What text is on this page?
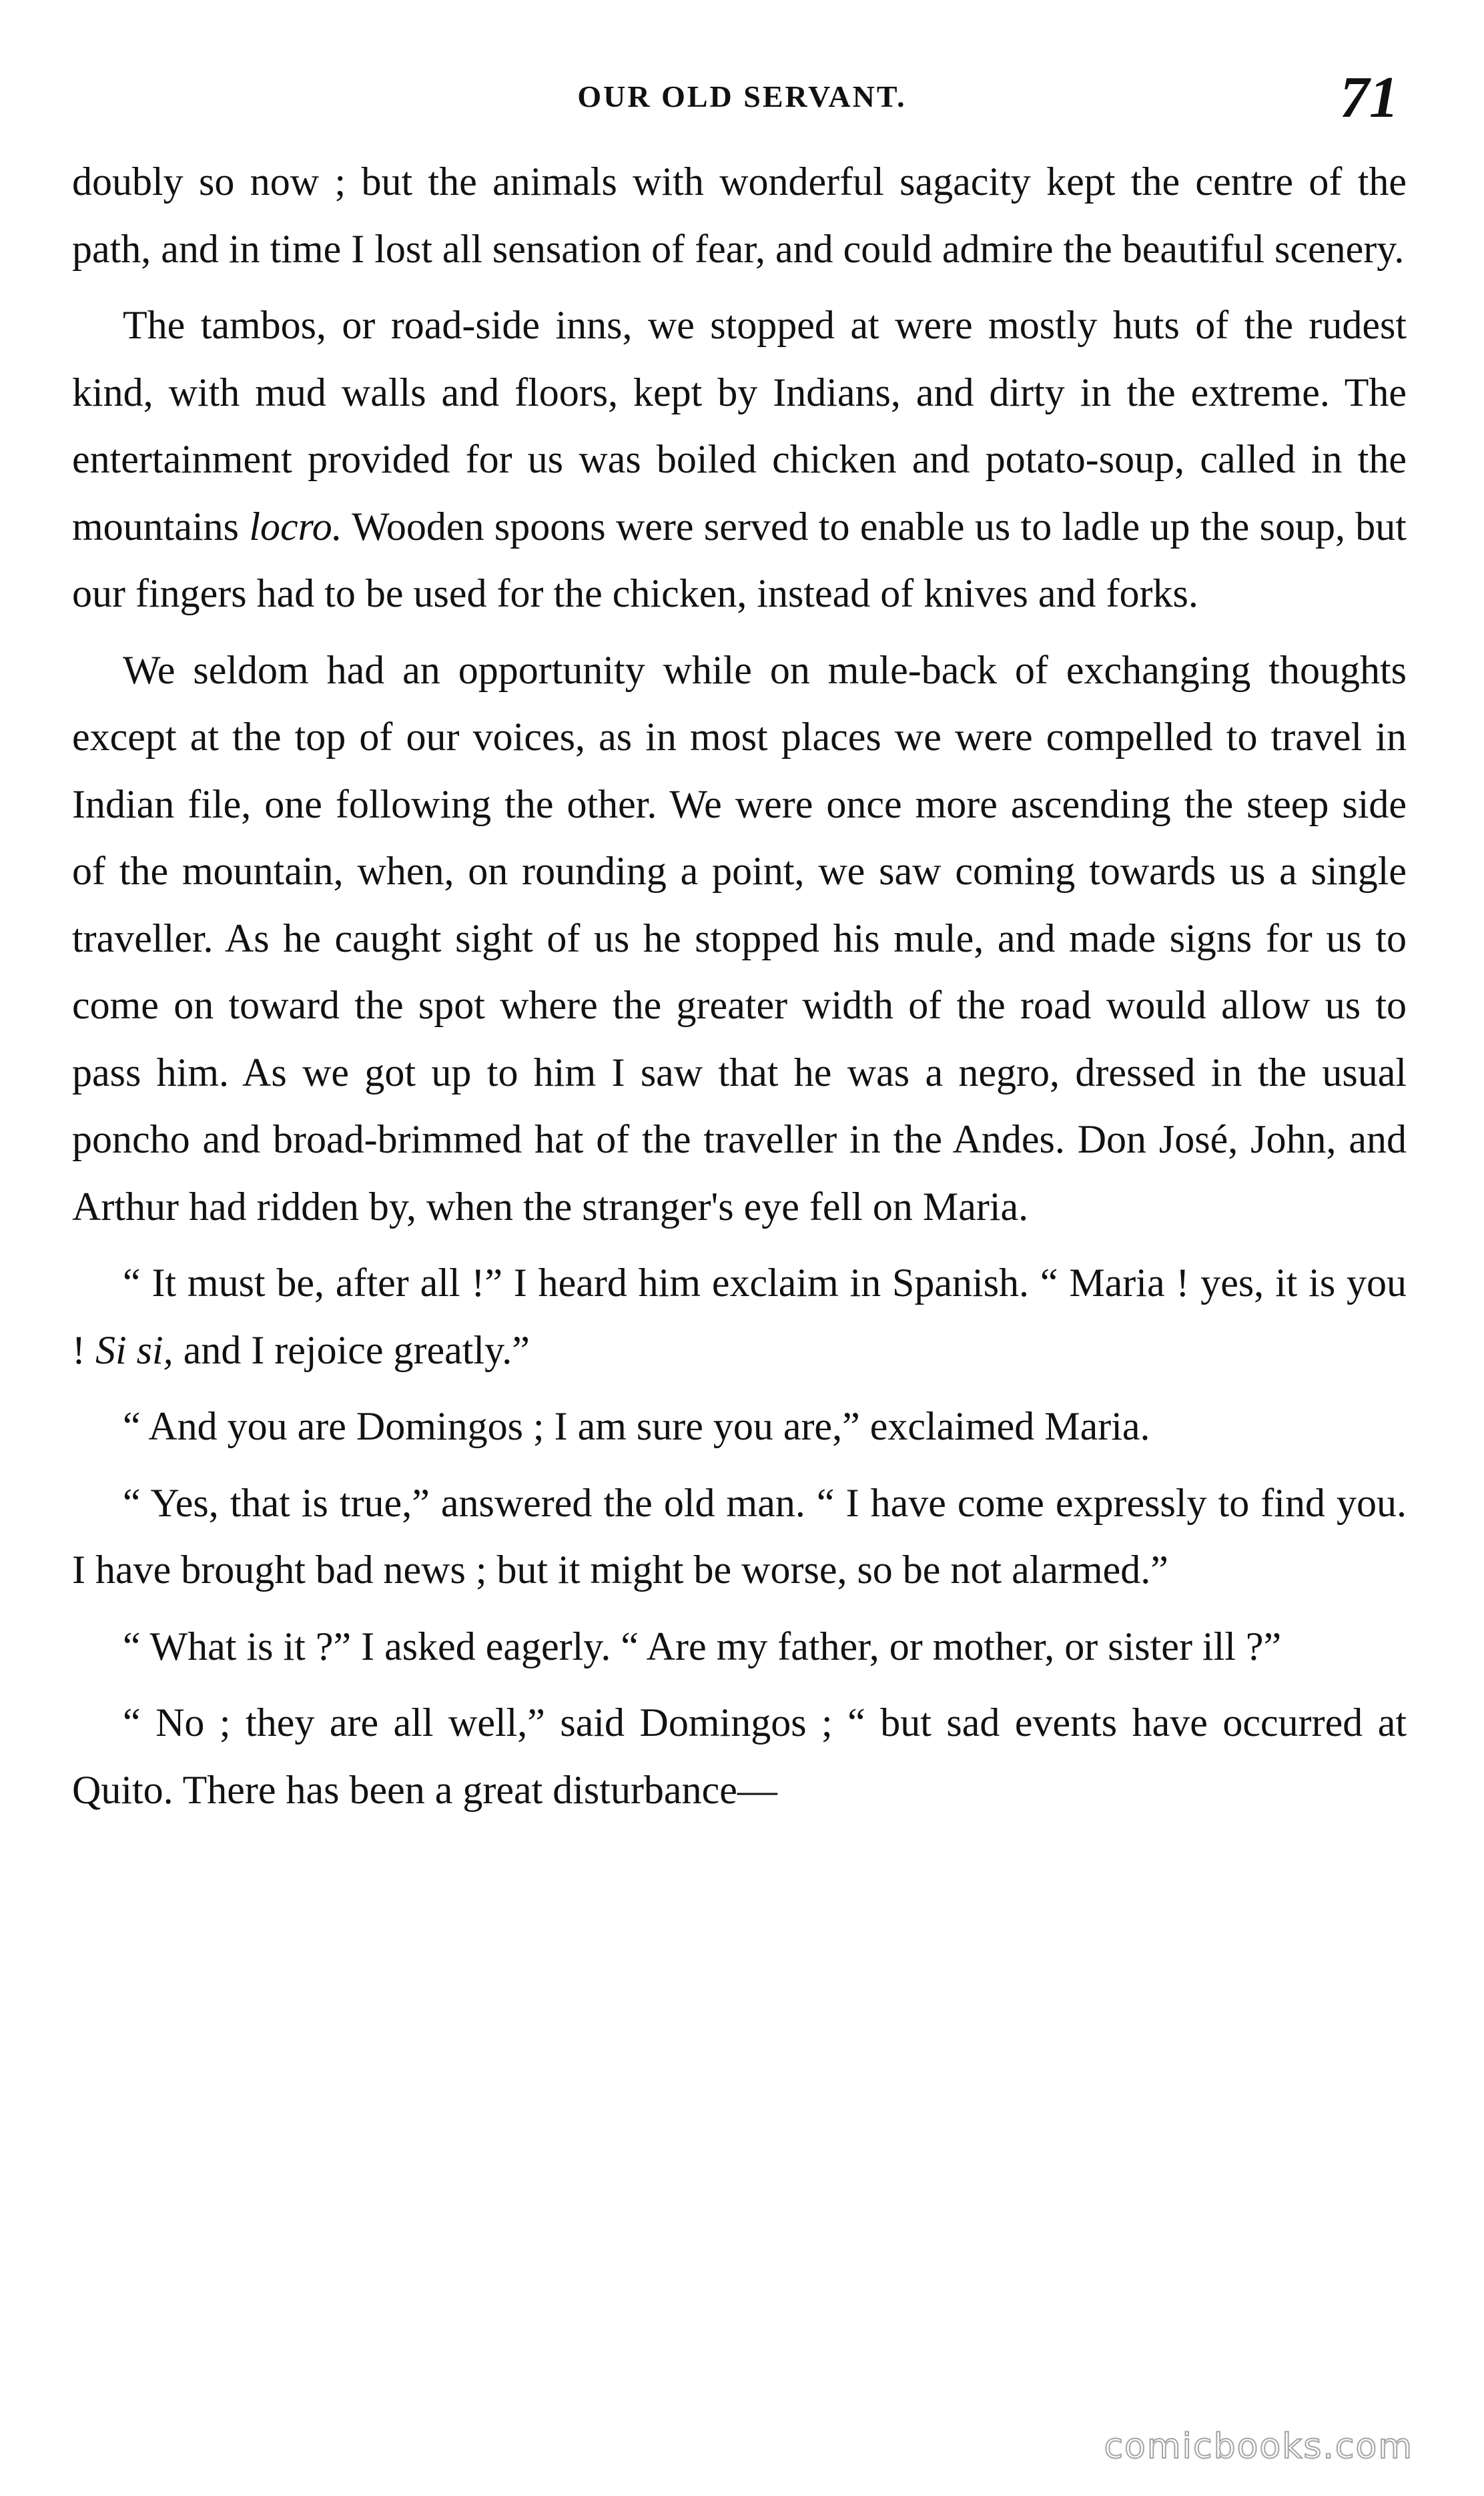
OUR OLD SERVANT.	71

doubly so now ; but the animals with wonderful sagacity kept the centre of the path, and in time I lost all sensation of fear, and could admire the beautiful scenery.

The tambos, or road-side inns, we stopped at were mostly huts of the rudest kind, with mud walls and floors, kept by Indians, and dirty in the extreme. The entertainment provided for us was boiled chicken and potato-soup, called in the mountains locro. Wooden spoons were served to enable us to ladle up the soup, but our fingers had to be used for the chicken, instead of knives and forks.

We seldom had an opportunity while on mule-back of exchanging thoughts except at the top of our voices, as in most places we were compelled to travel in Indian file, one following the other. We were once more ascending the steep side of the mountain, when, on rounding a point, we saw coming towards us a single traveller. As he caught sight of us he stopped his mule, and made signs for us to come on toward the spot where the greater width of the road would allow us to pass him. As we got up to him I saw that he was a negro, dressed in the usual poncho and broad-brimmed hat of the traveller in the Andes. Don José, John, and Arthur had ridden by, when the stranger's eye fell on Maria.

“ It must be, after all !” I heard him exclaim in Spanish. “ Maria ! yes, it is you ! Si si, and I rejoice greatly.”

“ And you are Domingos ; I am sure you are,” exclaimed Maria.

“ Yes, that is true,” answered the old man. “ I have come expressly to find you. I have brought bad news ; but it might be worse, so be not alarmed.”

“ What is it ?” I asked eagerly. “ Are my father, or mother, or sister ill ?”

“ No ; they are all well,” said Domingos ; “ but sad events have occurred at Quito. There has been a great disturbance—

comicbooks.com
